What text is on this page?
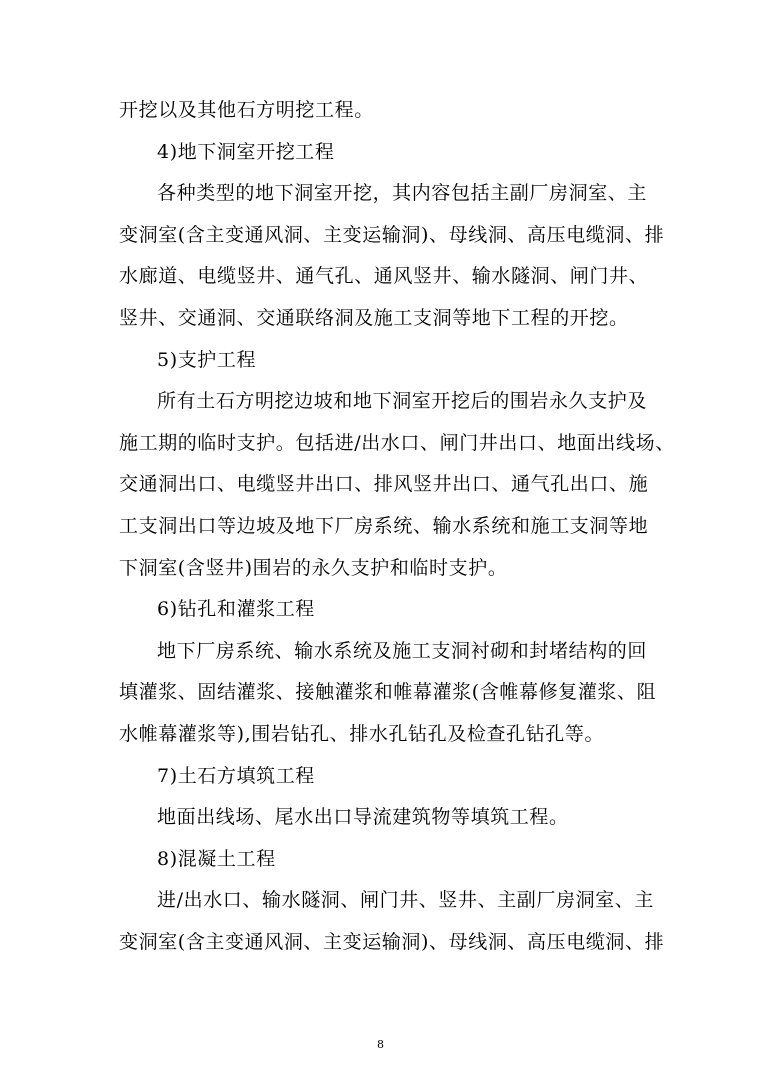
开挖以及其他石方明挖工程。
4)地下洞室开挖工程
各种类型的地下洞室开挖，其内容包括主副厂房洞室、主
变洞室(含主变通风洞、主变运输洞)、母线洞、高压电缆洞、排
水廊道、电缆竖井、通气孔、通风竖井、输水隧洞、闸门井、
竖井、交通洞、交通联络洞及施工支洞等地下工程的开挖。
5)支护工程
所有土石方明挖边坡和地下洞室开挖后的围岩永久支护及
施工期的临时支护。包括进/出水口、闸门井出口、地面出线场、
交通洞出口、电缆竖井出口、排风竖井出口、通气孔出口、施
工支洞出口等边坡及地下厂房系统、输水系统和施工支洞等地
下洞室(含竖井)围岩的永久支护和临时支护。
6)钻孔和灌浆工程
地下厂房系统、输水系统及施工支洞衬砌和封堵结构的回
填灌浆、固结灌浆、接触灌浆和帷幕灌浆(含帷幕修复灌浆、阻
水帷幕灌浆等),围岩钻孔、排水孔钻孔及检查孔钻孔等。
7)土石方填筑工程
地面出线场、尾水出口导流建筑物等填筑工程。
8)混凝土工程
进/出水口、输水隧洞、闸门井、竖井、主副厂房洞室、主
变洞室(含主变通风洞、主变运输洞)、母线洞、高压电缆洞、排
8
